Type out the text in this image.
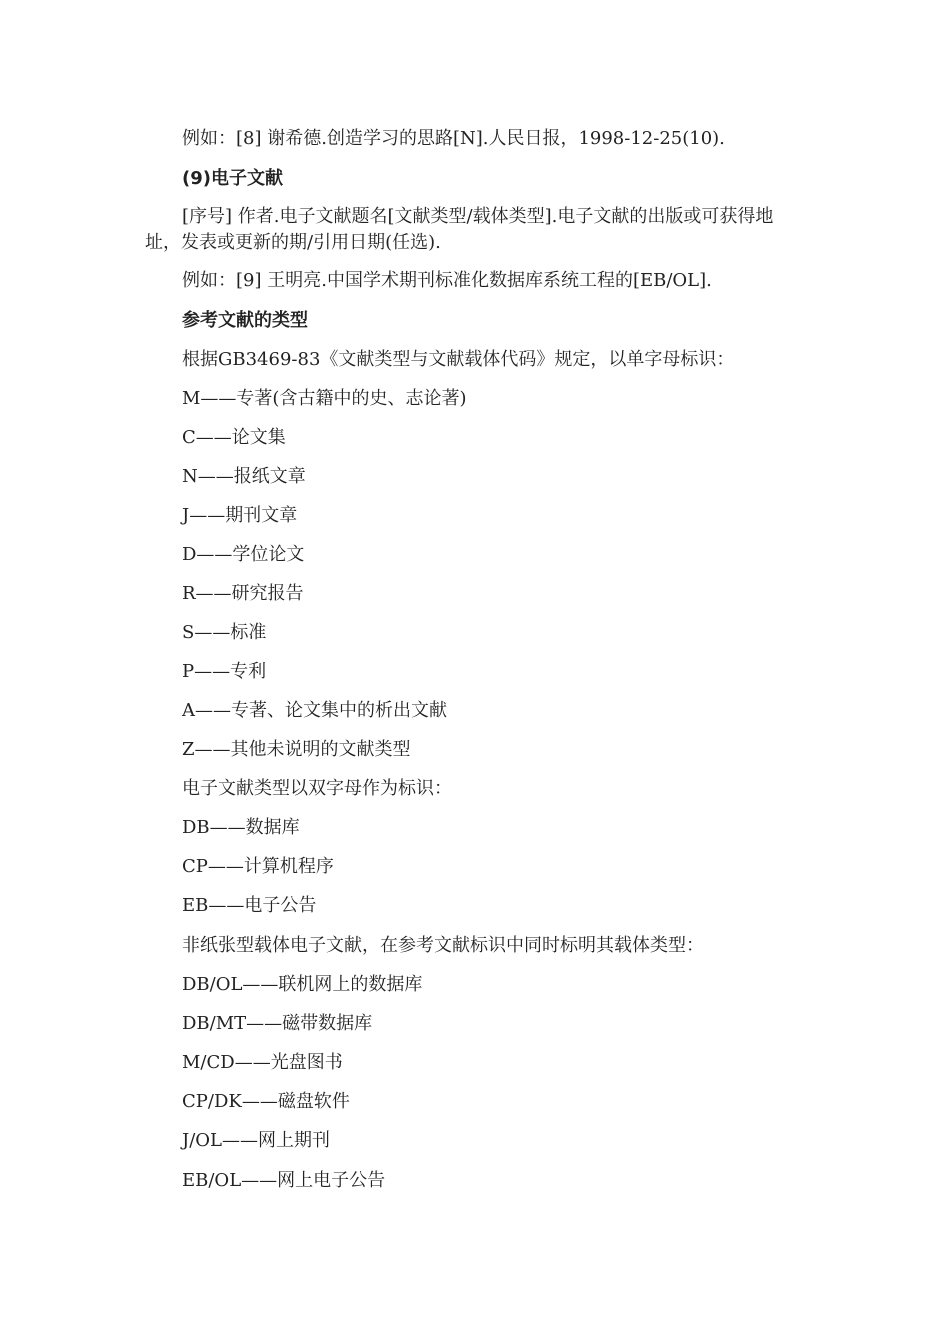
例如：[8] 谢希德.创造学习的思路[N].人民日报，1998-12-25(10).
(9)电子文献
[序号] 作者.电子文献题名[文献类型/载体类型].电子文献的出版或可获得地址，发表或更新的期/引用日期(任选).
例如：[9] 王明亮.中国学术期刊标准化数据库系统工程的[EB/OL].
参考文献的类型
根据GB3469-83《文献类型与文献载体代码》规定，以单字母标识：
M——专著(含古籍中的史、志论著)
C——论文集
N——报纸文章
J——期刊文章
D——学位论文
R——研究报告
S——标准
P——专利
A——专著、论文集中的析出文献
Z——其他未说明的文献类型
电子文献类型以双字母作为标识：
DB——数据库
CP——计算机程序
EB——电子公告
非纸张型载体电子文献，在参考文献标识中同时标明其载体类型：
DB/OL——联机网上的数据库
DB/MT——磁带数据库
M/CD——光盘图书
CP/DK——磁盘软件
J/OL——网上期刊
EB/OL——网上电子公告
